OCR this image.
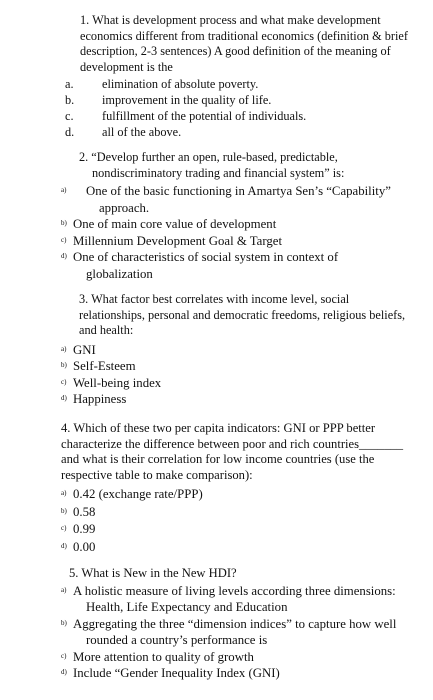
1. What is development process and what make development economics different from traditional economics (definition & brief description, 2-3 sentences) A good definition of the meaning of development is the

a.	elimination of absolute poverty.
b.	improvement in the quality of life.
c.	fulfillment of the potential of individuals.
d.	all of the above.

2. “Develop further an open, rule-based, predictable, nondiscriminatory trading and financial system” is:

a)	One of the basic functioning in Amartya Sen’s “Capability” approach.
b) One of main core value of development
c) Millennium Development Goal & Target
d) One of characteristics of social system in context of globalization

3. What factor best correlates with income level, social relationships, personal and democratic freedoms, religious beliefs, and health:

a) GNI
b) Self-Esteem
c) Well-being index
d) Happiness

4. Which of these two per capita indicators: GNI or PPP better characterize the difference between poor and rich countries_______ and what is their correlation for low income countries (use the respective table to make comparison):

a) 0.42 (exchange rate/PPP)
b) 0.58
c) 0.99
d) 0.00

5. What is New in the New HDI?

a) A holistic measure of living levels according three dimensions: Health, Life Expectancy and Education
b) Aggregating the three “dimension indices” to capture how well rounded a country’s performance is
c) More attention to quality of growth
d) Include “Gender Inequality Index (GNI)
